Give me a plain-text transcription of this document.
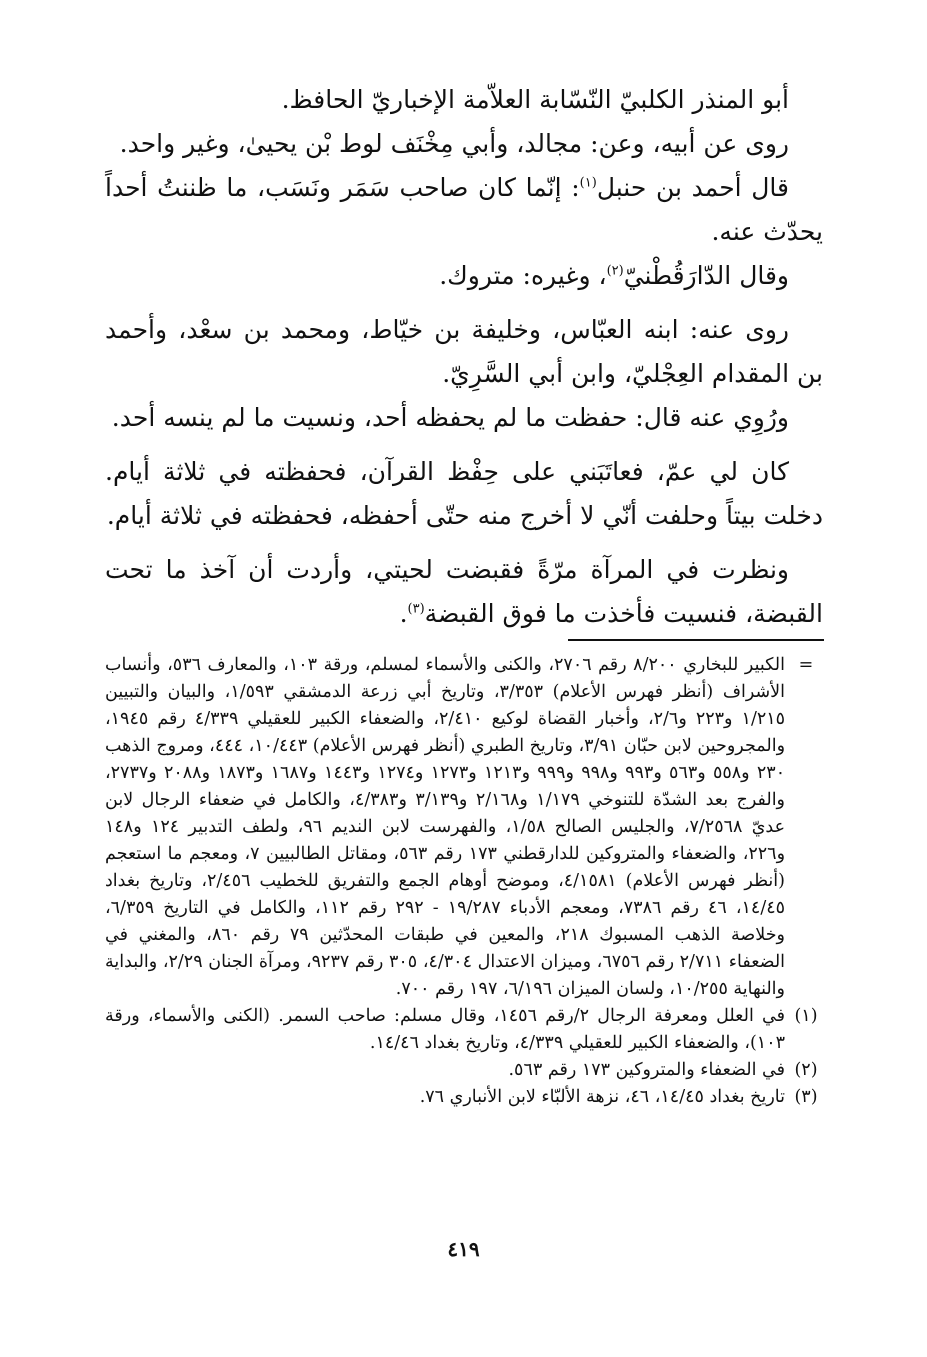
أبو المنذر الكلبيّ النّسّابة العلاّمة الإخباريّ الحافظ.

روى عن أبيه، وعن: مجالد، وأبي مِخْنَف لوط بْن يحيىٰ، وغير واحد.

قال أحمد بن حنبل$^{(١)}$: إنّما كان صاحب سَمَر ونَسَب، ما ظننتُ أحداً يحدّث عنه.

وقال الدّارَقُطْنيّ$^{(٢)}$، وغيره: متروك.

روى عنه: ابنه العبّاس، وخليفة بن خيّاط، ومحمد بن سعْد، وأحمد بن المقدام العِجْليّ، وابن أبي السَّرِيّ.

ورُوِي عنه قال: حفظت ما لم يحفظه أحد، ونسيت ما لم ينسه أحد.

كان لي عمّ، فعاتَبَني على حِفْظ القرآن، فحفظته في ثلاثة أيام. دخلت بيتاً وحلفت أنّي لا أخرج منه حتّى أحفظه، فحفظته في ثلاثة أيام.

ونظرت في المرآة مرّةً فقبضت لحيتي، وأردت أن آخذ ما تحت القبضة، فنسيت فأخذت ما فوق القبضة$^{(٣)}$.

=
الكبير للبخاري ٨/٢٠٠ رقم ٢٧٠٦، والكنى والأسماء لمسلم، ورقة ١٠٣، والمعارف ٥٣٦، وأنساب الأشراف (أنظر فهرس الأعلام) ٣/٣٥٣، وتاريخ أبي زرعة الدمشقي ١/٥٩٣، والبيان والتبيين ١/٢١٥ و٢٢٣ و٢/٦، وأخبار القضاة لوكيع ٢/٤١٠، والضعفاء الكبير للعقيلي ٤/٣٣٩ رقم ١٩٤٥، والمجروحين لابن حبّان ٣/٩١، وتاريخ الطبري (أنظر فهرس الأعلام) ١٠/٤٤٣، ٤٤٤، ومروج الذهب ٢٣٠ و٥٥٨ و٥٦٣ و٩٩٣ و٩٩٨ و٩٩٩ و١٢١٣ و١٢٧٣ و١٢٧٤ و١٤٤٣ و١٦٨٧ و١٨٧٣ و٢٠٨٨ و٢٧٣٧، والفرج بعد الشدّة للتنوخي ١/١٧٩ و٢/١٦٨ و٣/١٣٩ و٤/٣٨٣، والكامل في ضعفاء الرجال لابن عديّ ٧/٢٥٦٨، والجليس الصالح ١/٥٨، والفهرست لابن النديم ٩٦، ولطف التدبير ١٢٤ و١٤٨ و٢٢٦، والضعفاء والمتروكين للدارقطني ١٧٣ رقم ٥٦٣، ومقاتل الطالبيين ٧، ومعجم ما استعجم (أنظر فهرس الأعلام) ٤/١٥٨١، وموضح أوهام الجمع والتفريق للخطيب ٢/٤٥٦، وتاريخ بغداد ١٤/٤٥، ٤٦ رقم ٧٣٨٦، ومعجم الأدباء ١٩/٢٨٧ - ٢٩٢ رقم ١١٢، والكامل في التاريخ ٦/٣٥٩، وخلاصة الذهب المسبوك ٢١٨، والمعين في طبقات المحدّثين ٧٩ رقم ٨٦٠، والمغني في الضعفاء ٢/٧١١ رقم ٦٧٥٦، وميزان الاعتدال ٤/٣٠٤، ٣٠٥ رقم ٩٢٣٧، ومرآة الجنان ٢/٢٩، والبداية والنهاية ١٠/٢٥٥، ولسان الميزان ٦/١٩٦، ١٩٧ رقم ٧٠٠.

(١)
في العلل ومعرفة الرجال ٢/رقم ١٤٥٦، وقال مسلم: صاحب السمر. (الكنى والأسماء، ورقة ١٠٣)، والضعفاء الكبير للعقيلي ٤/٣٣٩، وتاريخ بغداد ١٤/٤٦.

(٢)
في الضعفاء والمتروكين ١٧٣ رقم ٥٦٣.

(٣)
تاريخ بغداد ١٤/٤٥، ٤٦، نزهة الألبّاء لابن الأنباري ٧٦.

٤١٩
